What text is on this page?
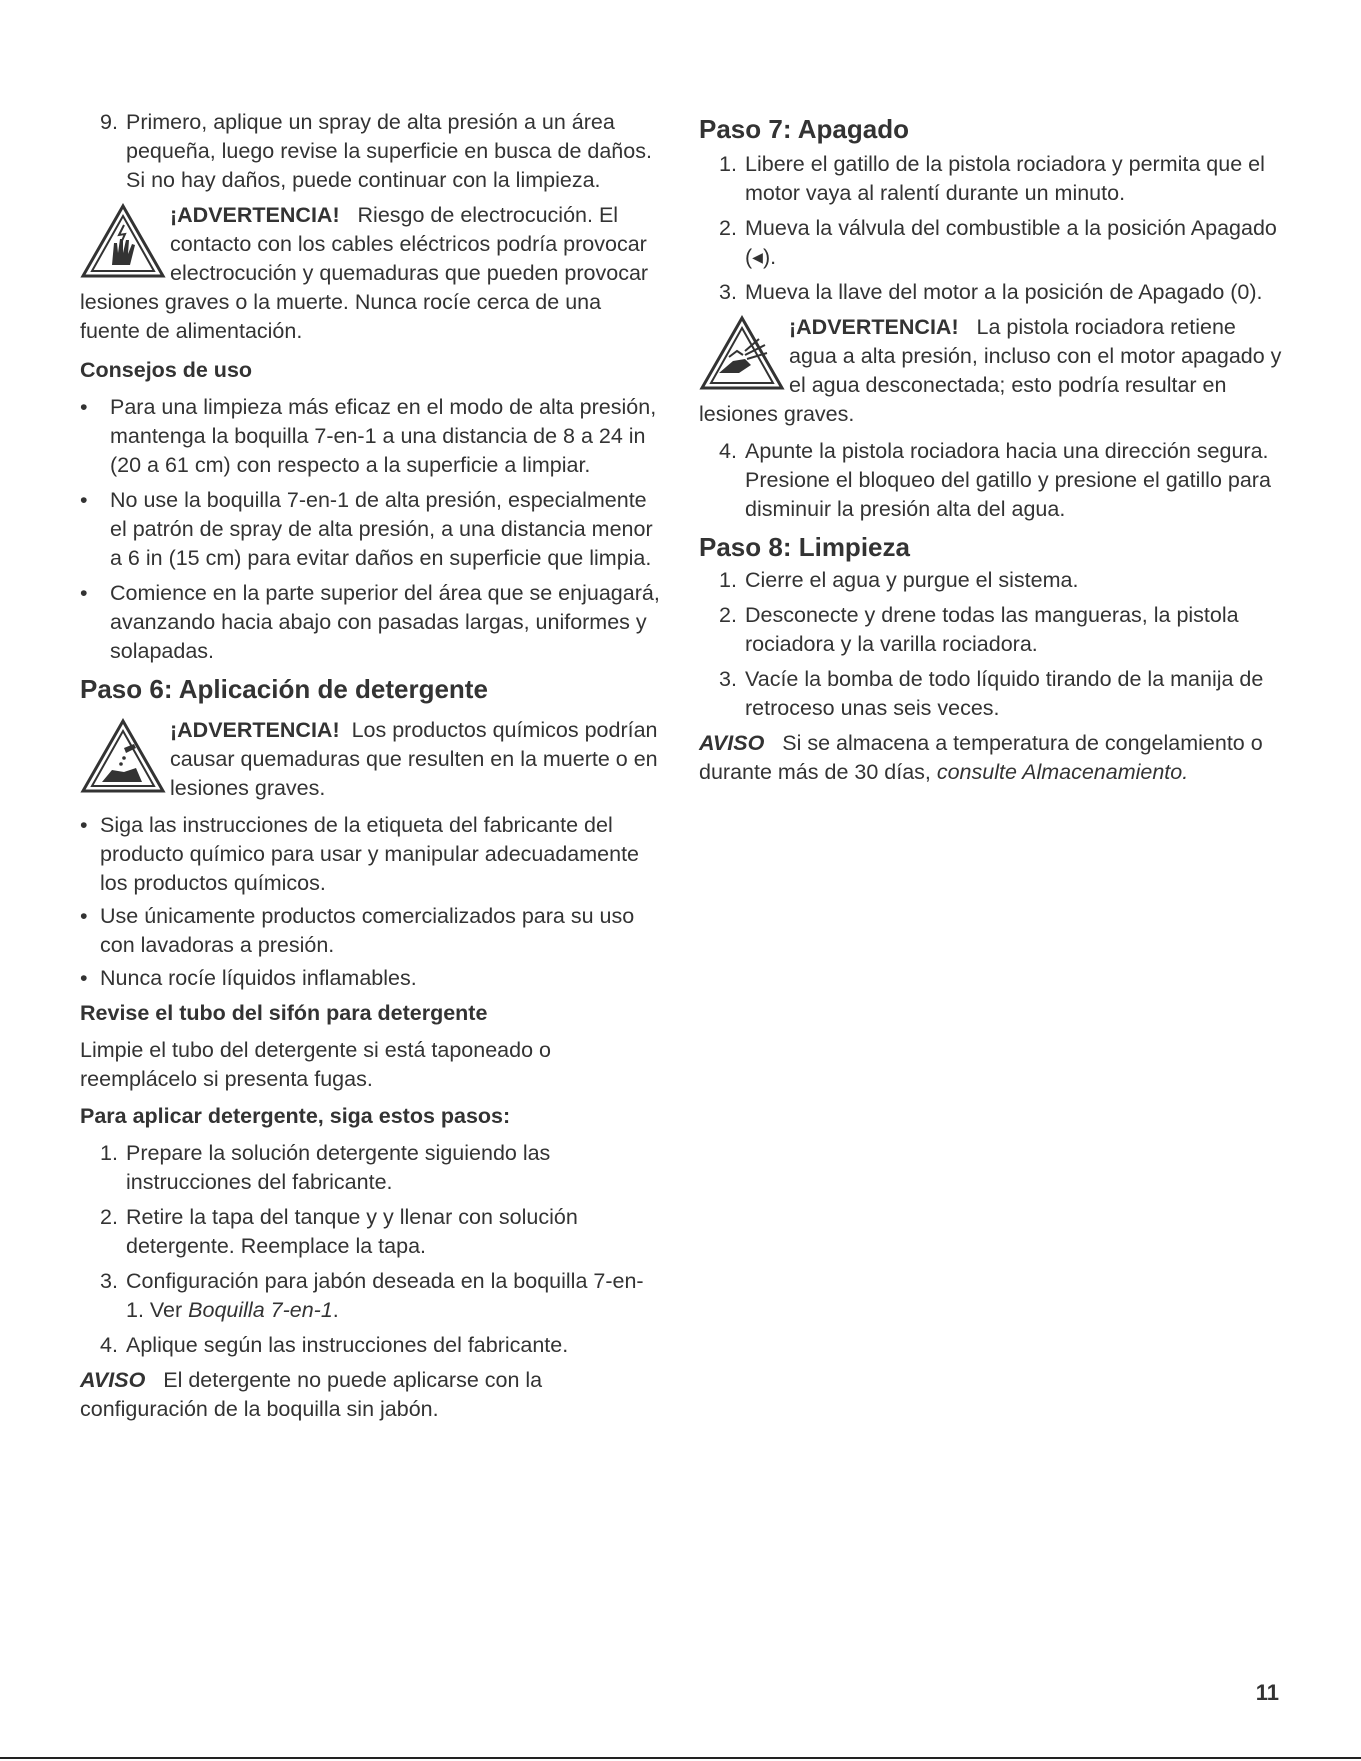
9. Primero, aplique un spray de alta presión a un área pequeña, luego revise la superficie en busca de daños. Si no hay daños, puede continuar con la limpieza.
¡ADVERTENCIA! Riesgo de electrocución. El contacto con los cables eléctricos podría provocar electrocución y quemaduras que pueden provocar lesiones graves o la muerte. Nunca rocíe cerca de una fuente de alimentación.
Consejos de uso
• Para una limpieza más eficaz en el modo de alta presión, mantenga la boquilla 7-en-1 a una distancia de 8 a 24 in (20 a 61 cm) con respecto a la superficie a limpiar.
• No use la boquilla 7-en-1 de alta presión, especialmente el patrón de spray de alta presión, a una distancia menor a 6 in (15 cm) para evitar daños en superficie que limpia.
• Comience en la parte superior del área que se enjuagará, avanzando hacia abajo con pasadas largas, uniformes y solapadas.
Paso 6: Aplicación de detergente
¡ADVERTENCIA! Los productos químicos podrían causar quemaduras que resulten en la muerte o en lesiones graves.
• Siga las instrucciones de la etiqueta del fabricante del producto químico para usar y manipular adecuadamente los productos químicos.
• Use únicamente productos comercializados para su uso con lavadoras a presión.
• Nunca rocíe líquidos inflamables.
Revise el tubo del sifón para detergente

Limpie el tubo del detergente si está taponeado o reemplácelo si presenta fugas.

Para aplicar detergente, siga estos pasos:
1. Prepare la solución detergente siguiendo las instrucciones del fabricante.
2. Retire la tapa del tanque y y llenar con solución detergente. Reemplace la tapa.
3. Configuración para jabón deseada en la boquilla 7-en-1. Ver Boquilla 7-en-1.
4. Aplique según las instrucciones del fabricante.

AVISO El detergente no puede aplicarse con la configuración de la boquilla sin jabón.

Paso 7: Apagado
1. Libere el gatillo de la pistola rociadora y permita que el motor vaya al ralentí durante un minuto.
2. Mueva la válvula del combustible a la posición Apagado (◂).
3. Mueva la llave del motor a la posición de Apagado (0).
¡ADVERTENCIA! La pistola rociadora retiene agua a alta presión, incluso con el motor apagado y el agua desconectada; esto podría resultar en lesiones graves.
4. Apunte la pistola rociadora hacia una dirección segura. Presione el bloqueo del gatillo y presione el gatillo para disminuir la presión alta del agua.
Paso 8: Limpieza
1. Cierre el agua y purgue el sistema.
2. Desconecte y drene todas las mangueras, la pistola rociadora y la varilla rociadora.
3. Vacíe la bomba de todo líquido tirando de la manija de retroceso unas seis veces.

AVISO Si se almacena a temperatura de congelamiento o durante más de 30 días, consulte Almacenamiento.

11
